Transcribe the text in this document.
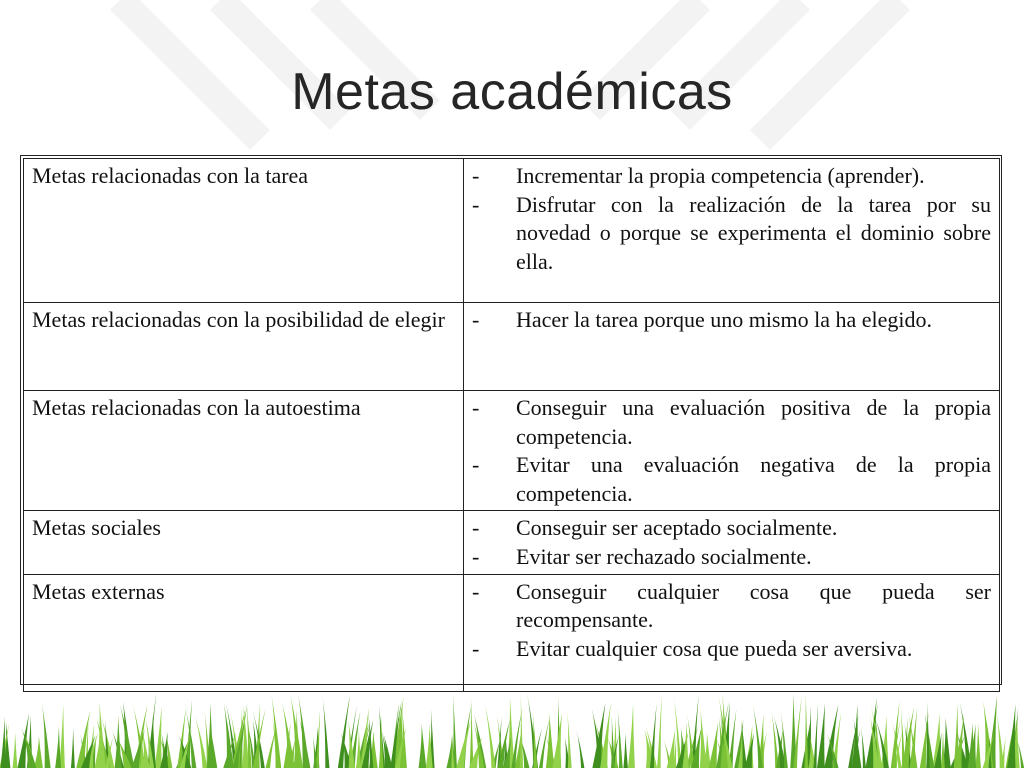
Metas académicas
Metas relacionadas con la tarea	- Incrementar la propia competencia (aprender).
- Disfrutar con la realización de la tarea por su novedad o porque se experimenta el dominio sobre ella.

Metas relacionadas con la posibilidad de elegir	- Hacer la tarea porque uno mismo la ha elegido.

Metas relacionadas con la autoestima	- Conseguir una evaluación positiva de la propia competencia.
- Evitar una evaluación negativa de la propia competencia.

Metas sociales	- Conseguir ser aceptado socialmente.
- Evitar ser rechazado socialmente.

Metas externas	- Conseguir cualquier cosa que pueda ser recompensante.
- Evitar cualquier cosa que pueda ser aversiva.
